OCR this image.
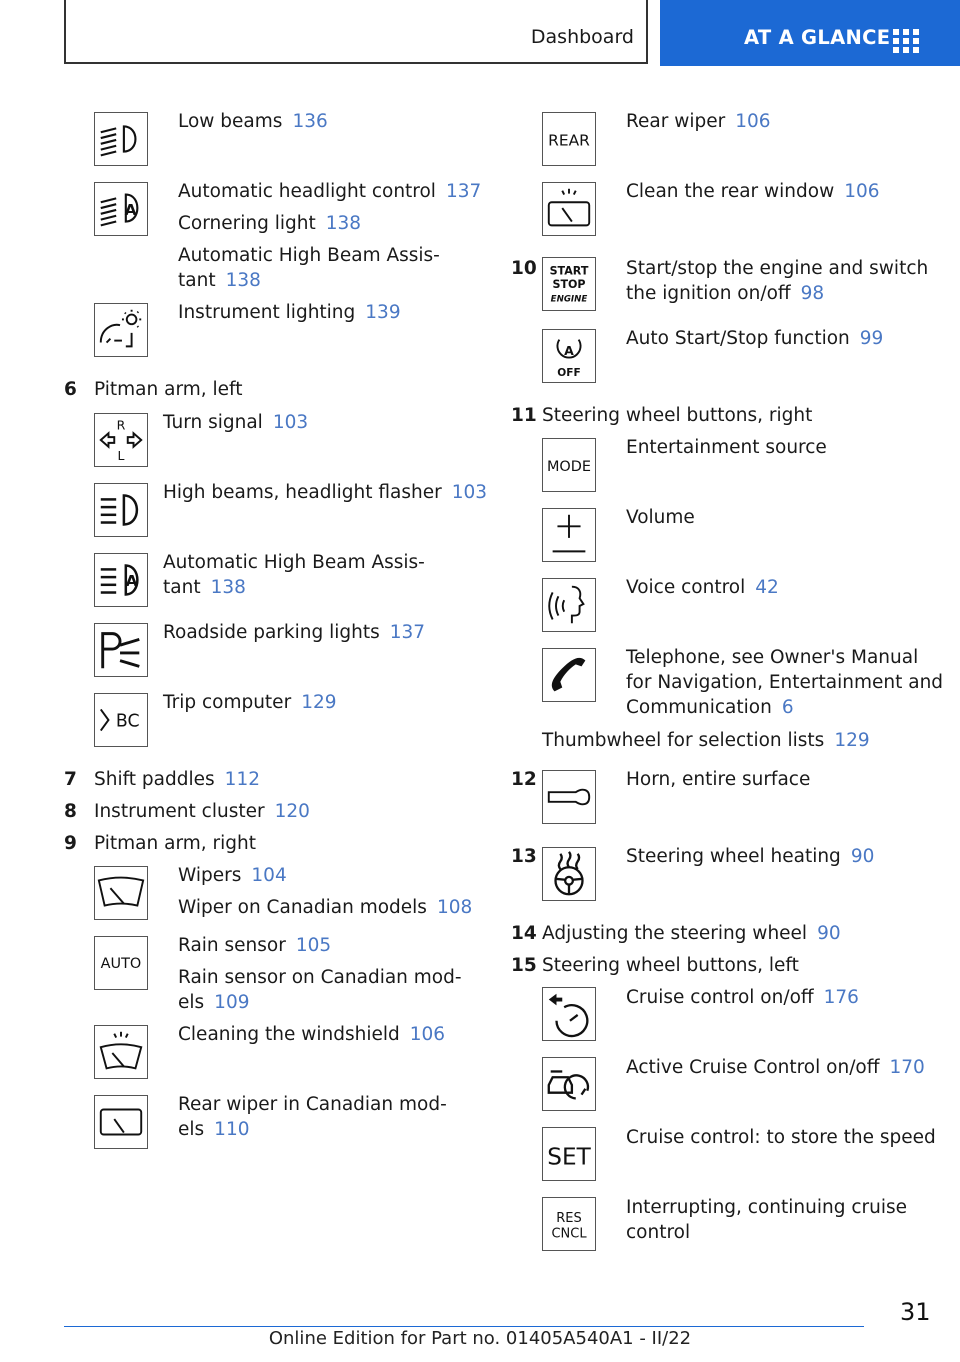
Dashboard	AT A GLANCE
A
R
L
A
BC
AUTO
REAR
START
STOP
ENGINE
A
OFF
MODE
SET
RES
CNCL
Low beams 136
Automatic headlight control 137
Cornering light 138
Automatic High Beam Assis-
tant 138
Instrument lighting 139
6 Pitman arm, left
Turn signal 103
High beams, headlight flasher 103
Automatic High Beam Assis-
tant 138
Roadside parking lights 137
Trip computer 129
7 Shift paddles 112
8 Instrument cluster 120
9 Pitman arm, right
Wipers 104
Wiper on Canadian models 108
Rain sensor 105
Rain sensor on Canadian mod-
els 109
Cleaning the windshield 106
Rear wiper in Canadian mod-
els 110
Rear wiper 106
Clean the rear window 106
10	Start/stop the engine and switch
the ignition on/off 98
Auto Start/Stop function 99
11 Steering wheel buttons, right
Entertainment source
Volume
Voice control 42
Telephone, see Owner's Manual
for Navigation, Entertainment and
Communication 6
Thumbwheel for selection lists 129
12	Horn, entire surface
13	Steering wheel heating 90
14 Adjusting the steering wheel 90
15 Steering wheel buttons, left
Cruise control on/off 176
Active Cruise Control on/off 170
Cruise control: to store the speed
Interrupting, continuing cruise
control
31
Online Edition for Part no. 01405A540A1 - II/22
